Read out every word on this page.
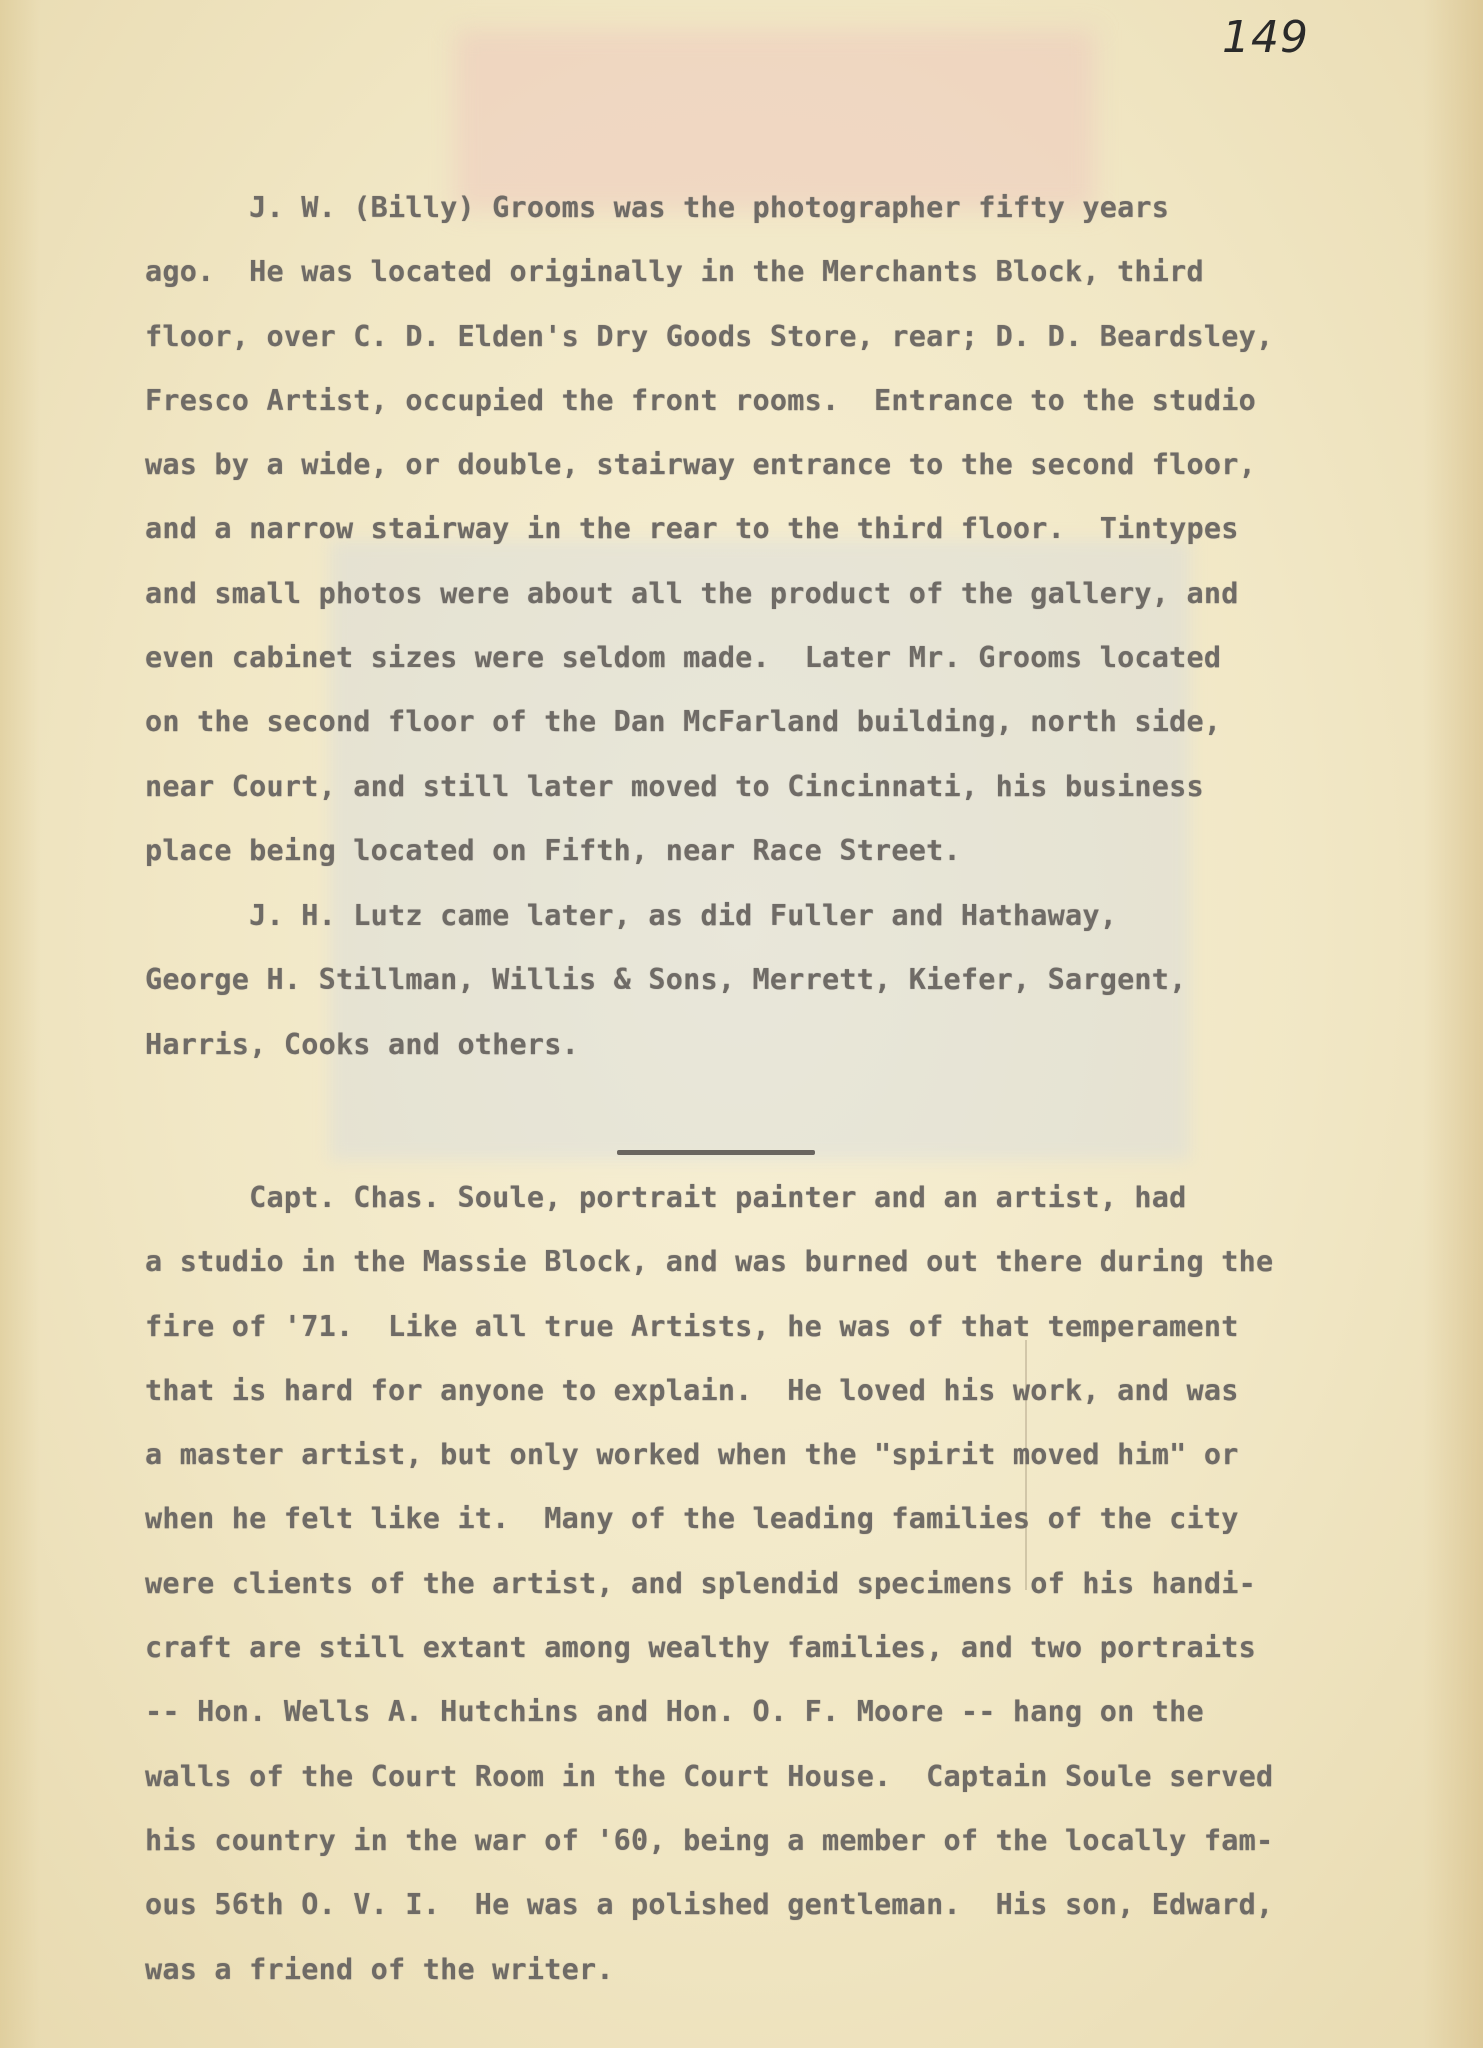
149
J. W. (Billy) Grooms was the photographer fifty years
ago.  He was located originally in the Merchants Block, third
floor, over C. D. Elden's Dry Goods Store, rear; D. D. Beardsley,
Fresco Artist, occupied the front rooms.  Entrance to the studio
was by a wide, or double, stairway entrance to the second floor,
and a narrow stairway in the rear to the third floor.  Tintypes
and small photos were about all the product of the gallery, and
even cabinet sizes were seldom made.  Later Mr. Grooms located
on the second floor of the Dan McFarland building, north side,
near Court, and still later moved to Cincinnati, his business
place being located on Fifth, near Race Street.
J. H. Lutz came later, as did Fuller and Hathaway,
George H. Stillman, Willis & Sons, Merrett, Kiefer, Sargent,
Harris, Cooks and others.
Capt. Chas. Soule, portrait painter and an artist, had
a studio in the Massie Block, and was burned out there during the
fire of '71.  Like all true Artists, he was of that temperament
that is hard for anyone to explain.  He loved his work, and was
a master artist, but only worked when the "spirit moved him" or
when he felt like it.  Many of the leading families of the city
were clients of the artist, and splendid specimens of his handi-
craft are still extant among wealthy families, and two portraits
-- Hon. Wells A. Hutchins and Hon. O. F. Moore -- hang on the
walls of the Court Room in the Court House.  Captain Soule served
his country in the war of '60, being a member of the locally fam-
ous 56th O. V. I.  He was a polished gentleman.  His son, Edward,
was a friend of the writer.
